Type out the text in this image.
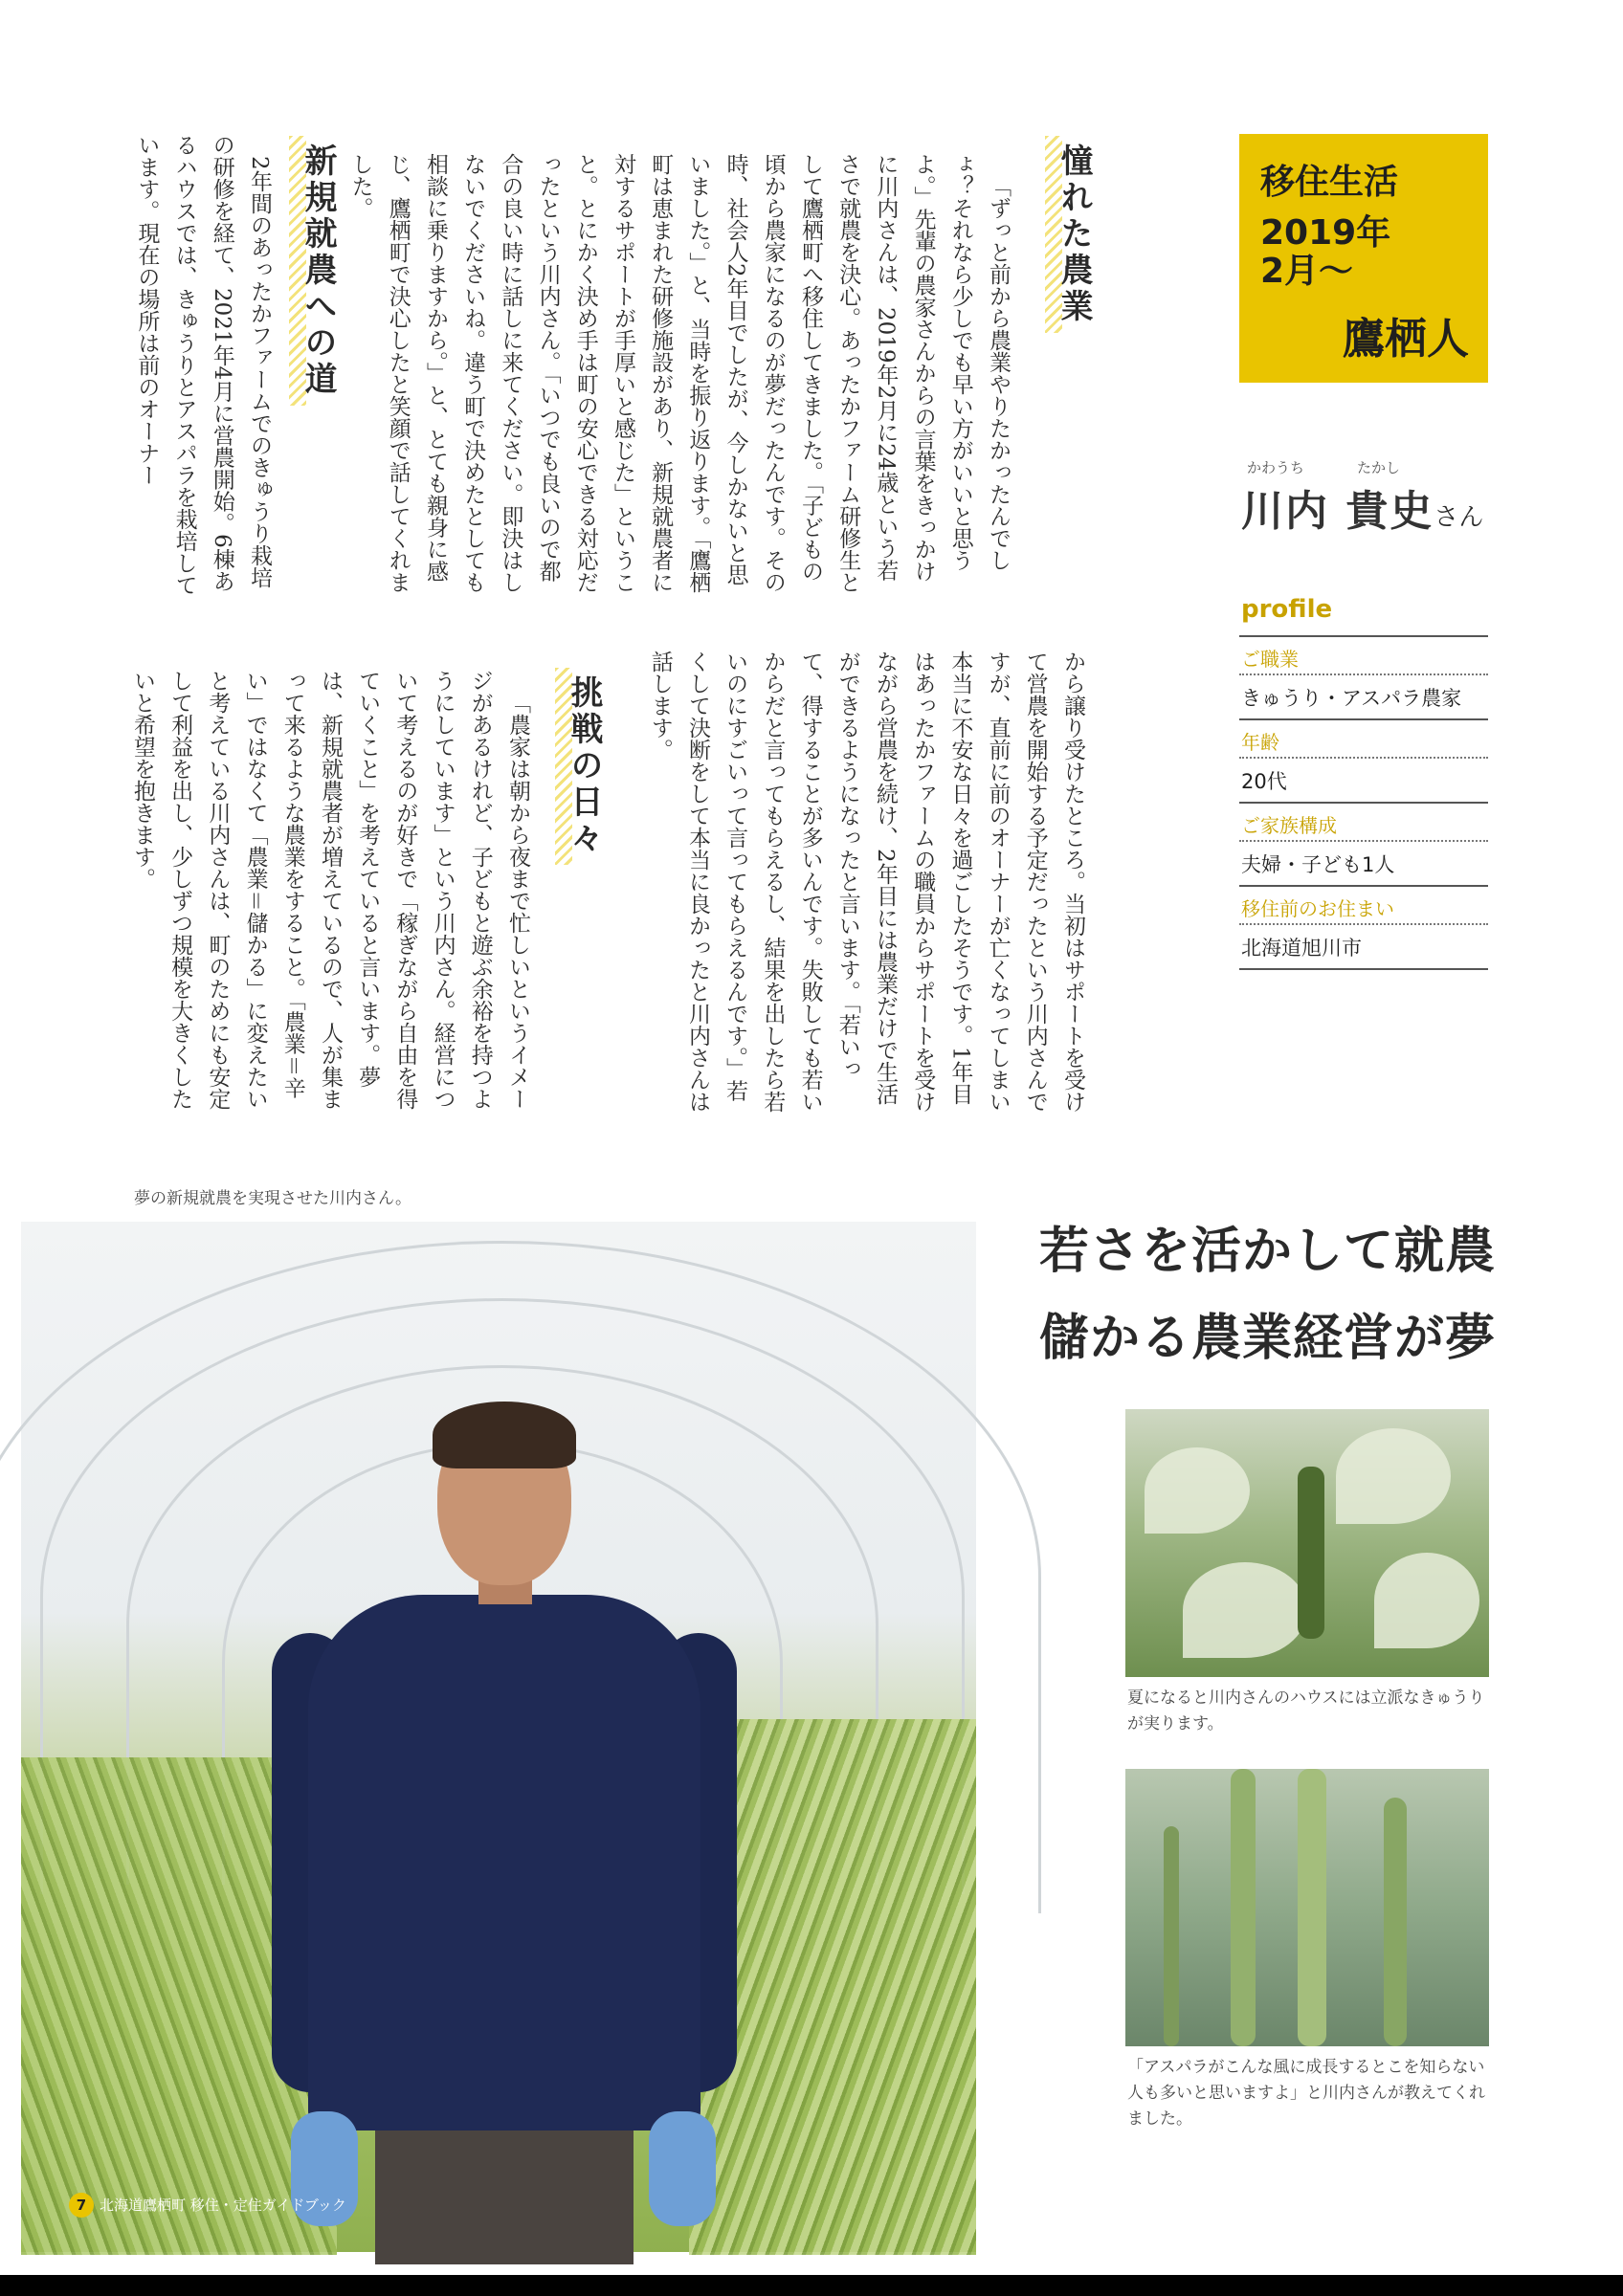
憧れた農業

「ずっと前から農業やりたかったんでしょ？それなら少しでも早い方がいいと思うよ。」先輩の農家さんからの言葉をきっかけに川内さんは、2019年2月に24歳という若さで就農を決心。あったかファーム研修生として鷹栖町へ移住してきました。「子どもの頃から農家になるのが夢だったんです。その時、社会人2年目でしたが、今しかないと思いました。」と、当時を振り返ります。「鷹栖町は恵まれた研修施設があり、新規就農者に対するサポートが手厚いと感じた」ということ。とにかく決め手は町の安心できる対応だったという川内さん。「いつでも良いので都合の良い時に話しに来てください。即決はしないでくださいね。違う町で決めたとしても相談に乗りますから。」と、とても親身に感じ、鷹栖町で決心したと笑顔で話してくれました。

新規就農への道

2年間のあったかファームでのきゅうり栽培の研修を経て、2021年4月に営農開始。6棟あるハウスでは、きゅうりとアスパラを栽培しています。現在の場所は前のオーナー

から譲り受けたところ。当初はサポートを受けて営農を開始する予定だったという川内さんですが、直前に前のオーナーが亡くなってしまい本当に不安な日々を過ごしたそうです。1年目はあったかファームの職員からサポートを受けながら営農を続け、2年目には農業だけで生活ができるようになったと言います。「若いって、得することが多いんです。失敗しても若いからだと言ってもらえるし、結果を出したら若いのにすごいって言ってもらえるんです。」若くして決断をして本当に良かったと川内さんは話します。

挑戦の日々

「農家は朝から夜まで忙しいというイメージがあるけれど、子どもと遊ぶ余裕を持つようにしています」という川内さん。経営について考えるのが好きで「稼ぎながら自由を得ていくこと」を考えていると言います。夢は、新規就農者が増えているので、人が集まって来るような農業をすること。「農業＝辛い」ではなくて「農業＝儲かる」に変えたいと考えている川内さんは、町のためにも安定して利益を出し、少しずつ規模を大きくしたいと希望を抱きます。

移住生活
2019年
2月〜
鷹栖人
かわうち	たかし
川内 貴史さん
profile
ご職業
きゅうり・アスパラ農家
年齢
20代
ご家族構成
夫婦・子ども1人
移住前のお住まい
北海道旭川市
夢の新規就農を実現させた川内さん。
7 北海道鷹栖町 移住・定住ガイドブック
若さを活かして就農
儲かる農業経営が夢
夏になると川内さんのハウスには立派なきゅうりが実ります。
「アスパラがこんな風に成長するとこを知らない人も多いと思いますよ」と川内さんが教えてくれました。
